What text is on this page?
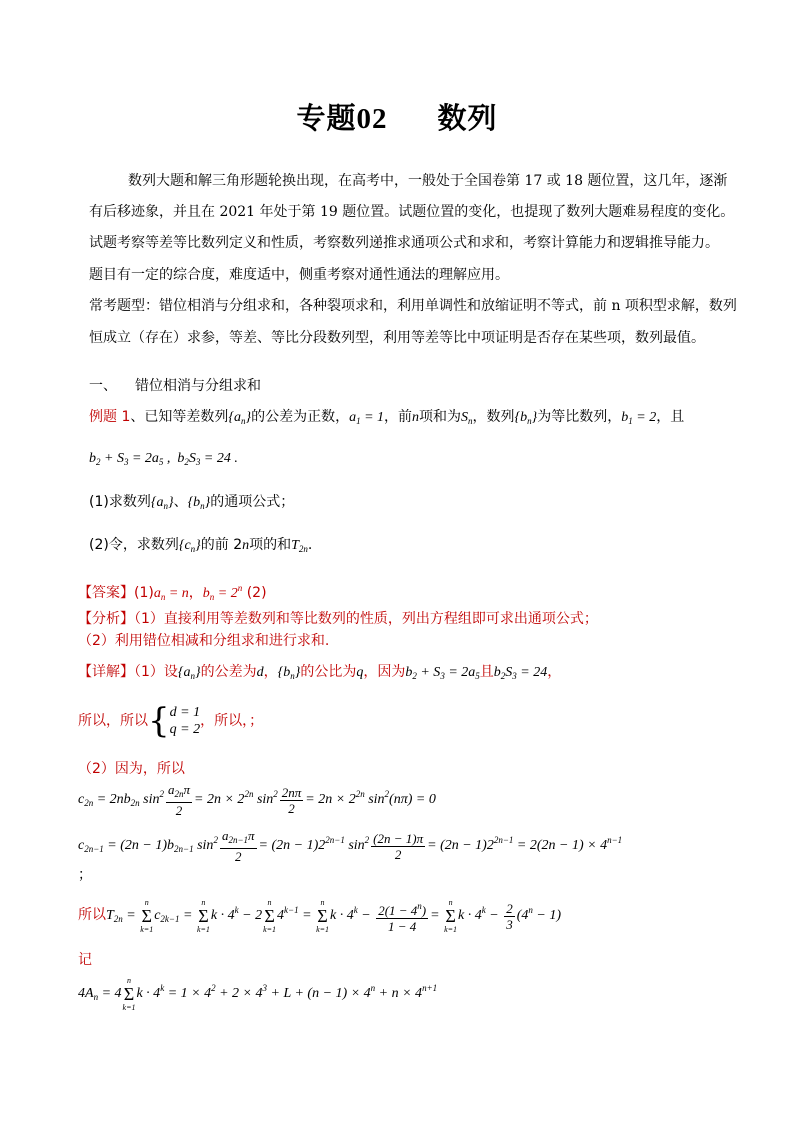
专题02 数列
数列大题和解三角形题轮换出现，在高考中，一般处于全国卷第 17 或 18 题位置，这几年，逐渐
有后移迹象，并且在 2021 年处于第 19 题位置。试题位置的变化，也提现了数列大题难易程度的变化。
试题考察等差等比数列定义和性质，考察数列递推求通项公式和求和，考察计算能力和逻辑推导能力。
题目有一定的综合度，难度适中，侧重考察对通性通法的理解应用。
常考题型：错位相消与分组求和，各种裂项求和，利用单调性和放缩证明不等式，前 n 项积型求解，数列
恒成立（存在）求参，等差、等比分段数列型，利用等差等比中项证明是否存在某些项，数列最值。
一、 错位相消与分组求和
例题 1、已知等差数列$\{a_n\}$的公差为正数，$a_1 = 1$，前n项和为$S_n$，数列$\{b_n\}$为等比数列，$b_1 = 2$，且
$b_2 + S_3 = 2a_5$ ,  $b_2S_3 = 24$ .
(1)求数列$\{a_n\}$、$\{b_n\}$的通项公式；
(2)令，求数列$\{c_n\}$的前 2n项的和$T_{2n}$.
【答案】$(1)a_n = n$，$b_n = 2^n$ (2)
【分析】（1）直接利用等差数列和等比数列的性质，列出方程组即可求出通项公式；
（2）利用错位相减和分组求和进行求和.
【详解】（1）设$\{a_n\}$的公差为d，$\{b_n\}$的公比为q，因为$b_2 + S_3 = 2a_5$且$b_2S_3 = 24$，
所以，所以{d = 1
q = 2，所以，；
（2）因为，所以
$c_{2n} = 2nb_{2n}$ $\sin^2 \frac{a_{2n}\pi}{2} = 2n \times 2^{2n}$ $\sin^2 \frac{2n\pi}{2} = 2n \times 2^{2n}$ $\sin^2(n\pi) = 0$
$c_{2n-1} = (2n - 1)b_{2n-1}$ $\sin^2 \frac{a_{2n-1}\pi}{2} = (2n - 1)2^{2n-1}$ $\sin^2 \frac{(2n - 1)\pi}{2} = (2n - 1)2^{2n-1} = 2(2n - 1) \times 4^{n-1}$
；
所以$T_{2n}$ =
n
Σ
k=1
$c_{2k-1}$ =
n
Σ
k=1
$k \cdot 4^k - 2$
n
Σ
k=1
$4^{k-1}$ =
n
Σ
k=1
$k \cdot 4^k - \frac{2(1 - 4^n)}{1 - 4}$ =
n
Σ
k=1
$k \cdot 4^k - \frac{2}{3} (4^n - 1)$
记
$4A_n = 4$
n
Σ
k=1
$k \cdot 4^k = 1 \times 4^2 + 2 \times 4^3 + L + (n - 1) \times 4^n + n \times 4^{n+1}$
